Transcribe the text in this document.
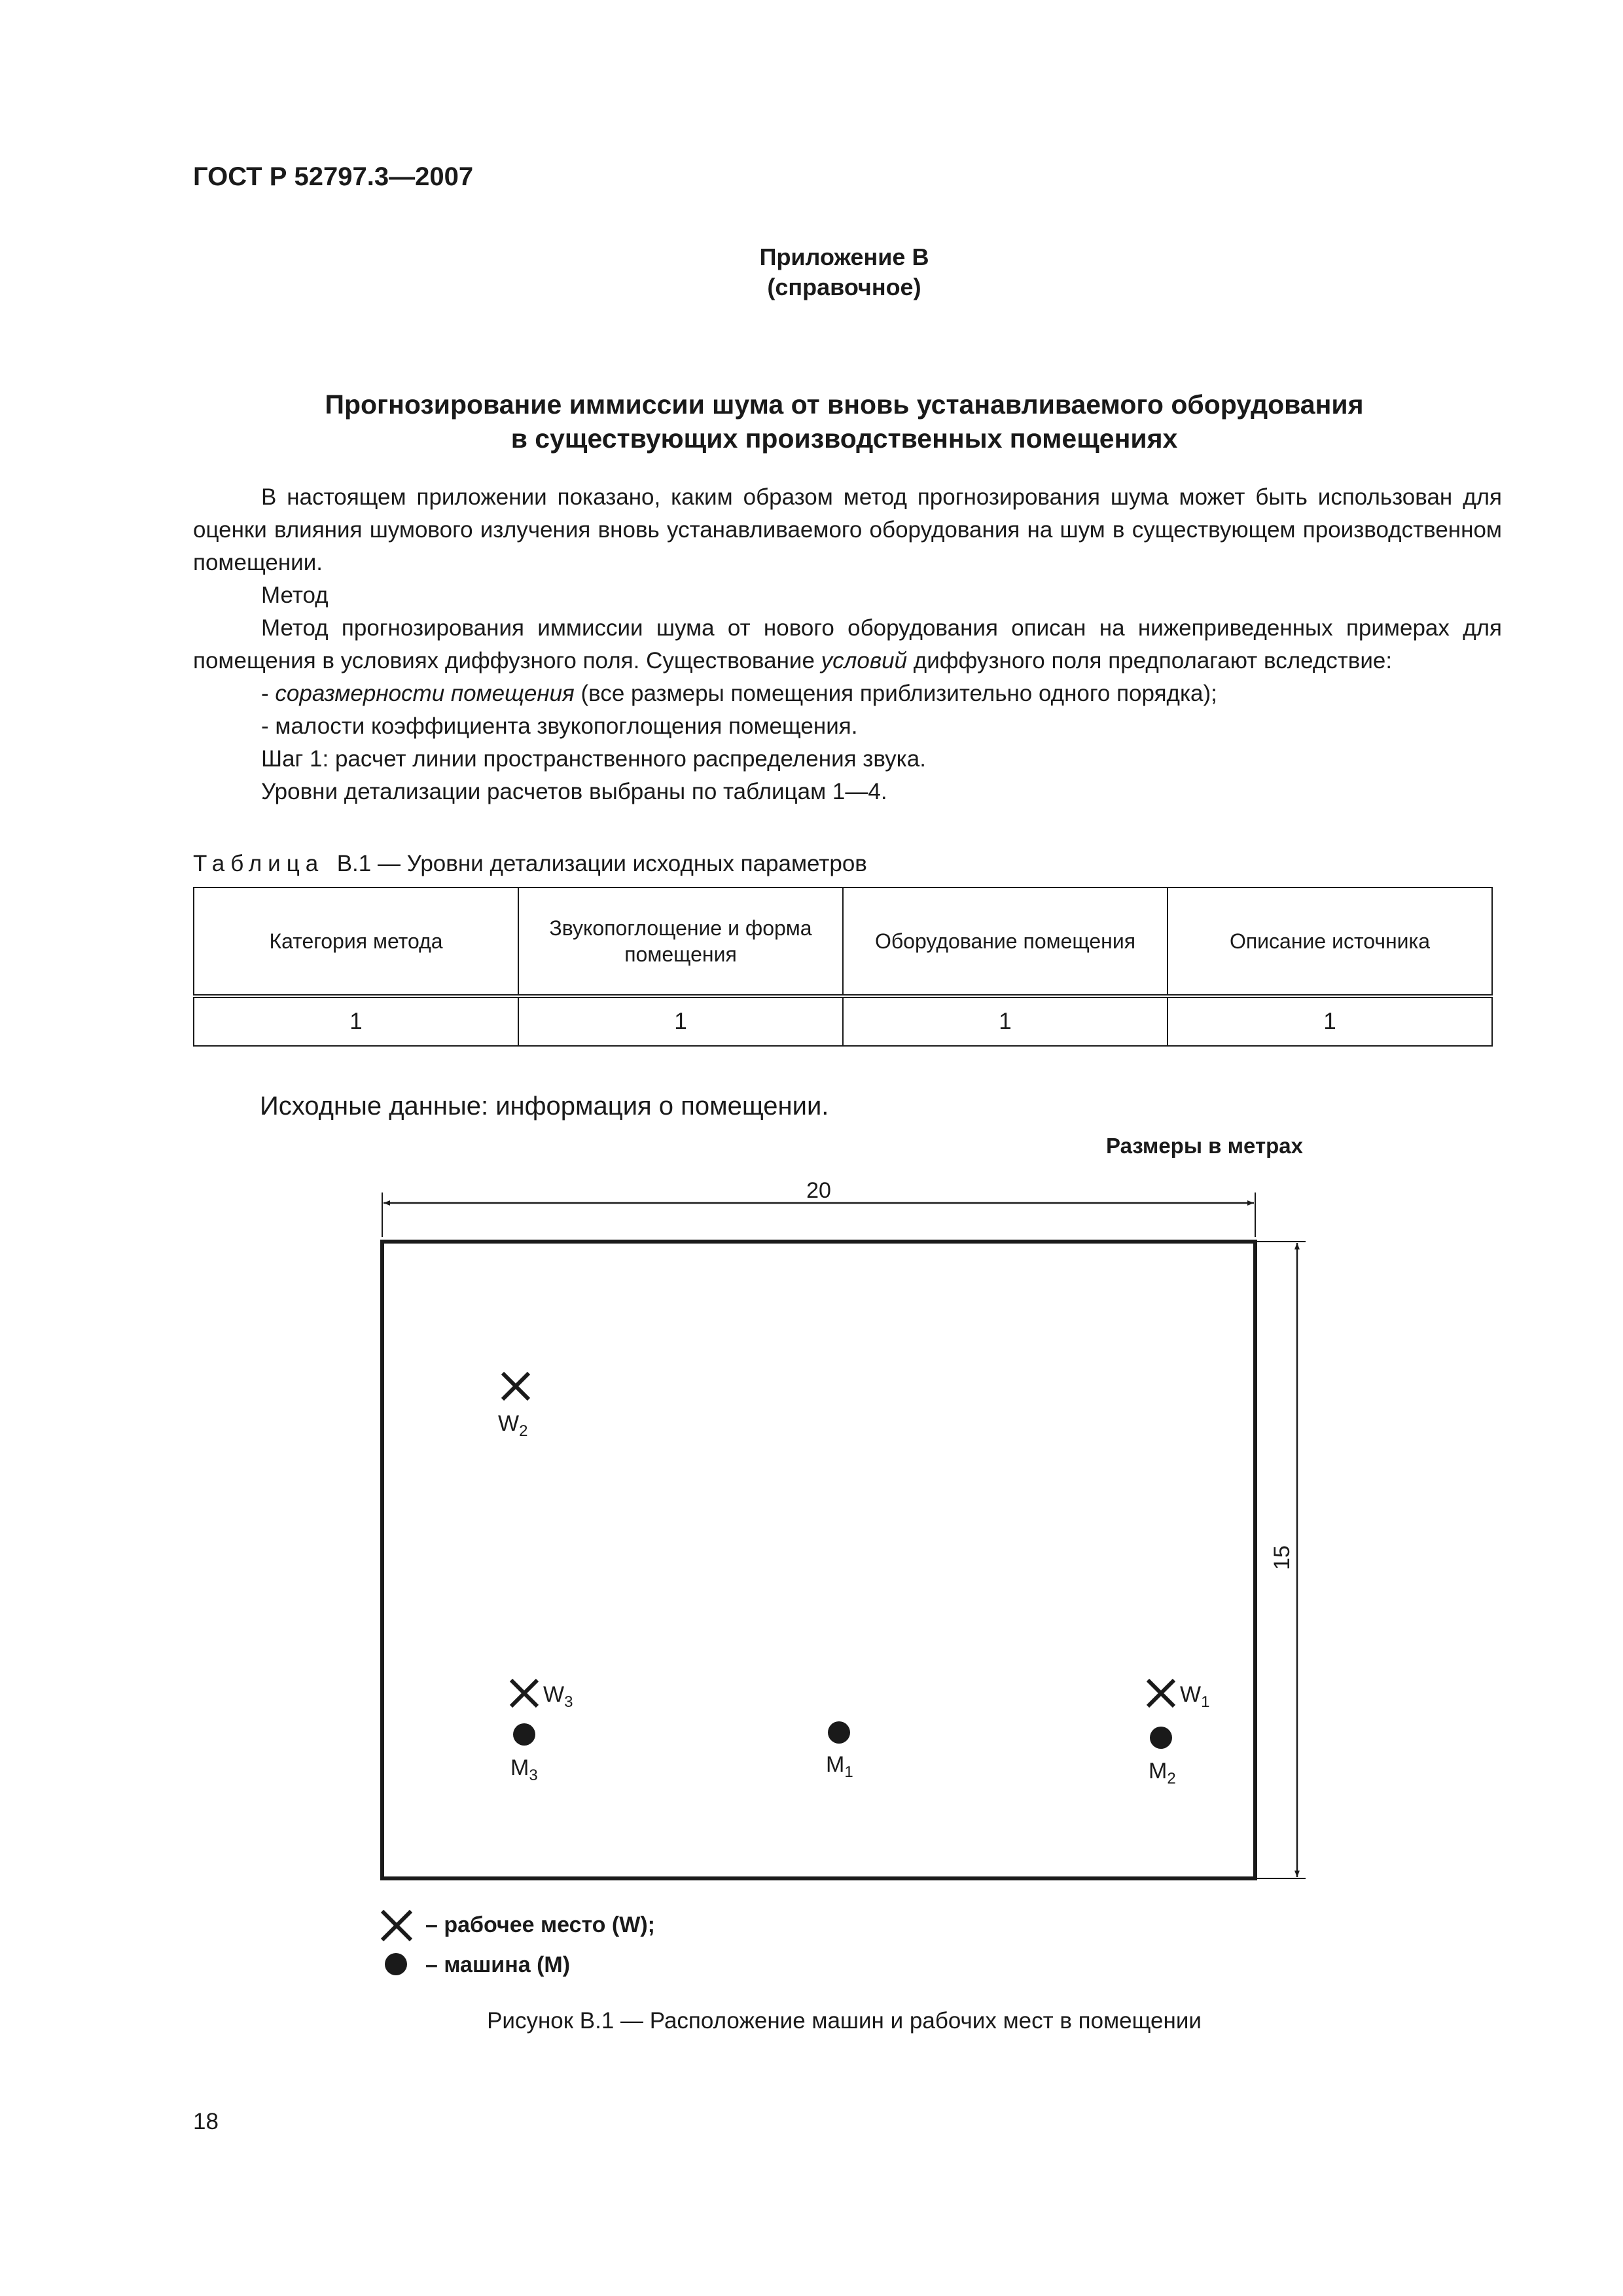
ГОСТ Р 52797.3—2007
Приложение В
(справочное)
Прогнозирование иммиссии шума от вновь устанавливаемого оборудования
в существующих производственных помещениях

В настоящем приложении показано, каким образом метод прогнозирования шума может быть использован для оценки влияния шумового излучения вновь устанавливаемого оборудования на шум в существующем производственном помещении.

Метод

Метод прогнозирования иммиссии шума от нового оборудования описан на нижеприведенных примерах для помещения в условиях диффузного поля. Существование условий диффузного поля предполагают вследствие:

- соразмерности помещения (все размеры помещения приблизительно одного порядка);

- малости коэффициента звукопоглощения помещения.

Шаг 1: расчет линии пространственного распределения звука.

Уровни детализации расчетов выбраны по таблицам 1—4.

Таблица В.1 — Уровни детализации исходных параметров
Категория метода	Звукопоглощение и форма помещения	Оборудование помещения	Описание источника
1	1	1	1
Исходные данные: информация о помещении.
Размеры в метрах
20
15
$W_2$
$W_3$	$W_1$
$M_3$	$M_1$	$M_2$
– рабочее место (W);
– машина (M)
Рисунок В.1 — Расположение машин и рабочих мест в помещении
18
